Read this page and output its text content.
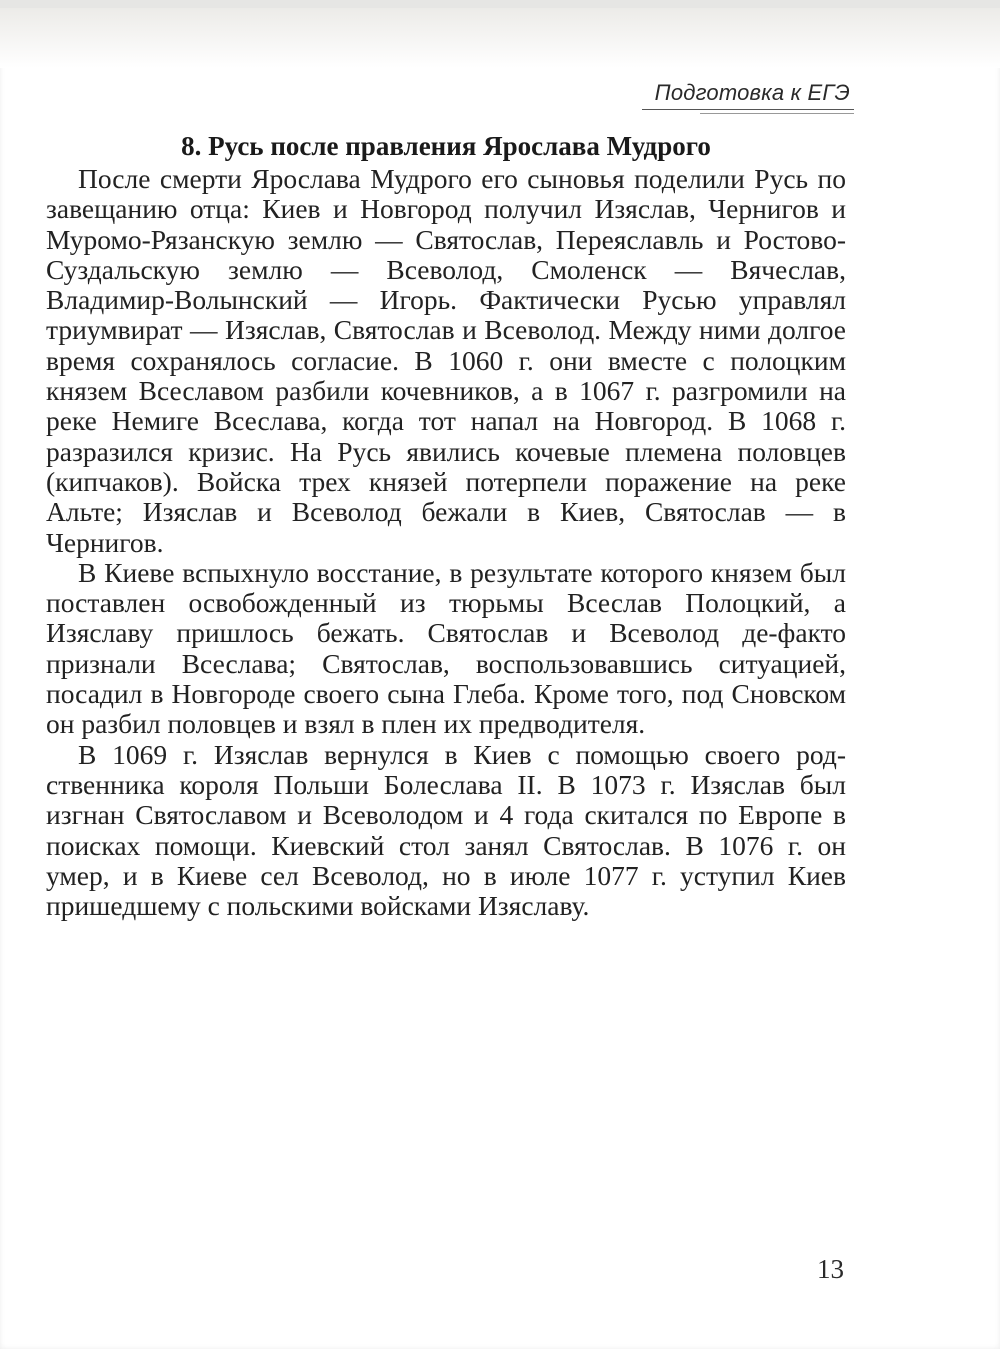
Подготовка к ЕГЭ
8. Русь после правления Ярослава Мудрого

После смерти Ярослава Мудрого его сыновья поделили Русь по завещанию отца: Киев и Новгород получил Изяслав, Чернигов и Муромо-Рязанскую землю — Святослав, Переяславль и Ростово-Суздальскую землю — Всеволод, Смоленск — Вячеслав, Владимир-Волынский — Игорь. Фактически Русью управлял триумвират — Изяслав, Святослав и Всеволод. Между ними долгое время сохранялось согласие. В 1060 г. они вместе с полоцким князем Всеславом разбили кочевников, а в 1067 г. разгромили на реке Немиге Всеслава, когда тот напал на Новгород. В 1068 г. разразился кризис. На Русь явились кочевые племена половцев (кипчаков). Войска трех князей потерпели поражение на реке Альте; Изяслав и Всеволод бежали в Киев, Святослав — в Чернигов.

В Киеве вспыхнуло восстание, в результате которого князем был поставлен освобожденный из тюрьмы Всеслав Полоцкий, а Изяславу пришлось бежать. Святослав и Всеволод де-факто признали Всеслава; Святослав, воспользовавшись ситуацией, посадил в Новгороде своего сына Глеба. Кроме того, под Сновском он разбил половцев и взял в плен их предводителя.

В 1069 г. Изяслав вернулся в Киев с помощью своего родственника короля Польши Болеслава II. В 1073 г. Изяслав был изгнан Святославом и Всеволодом и 4 года скитался по Европе в поисках помощи. Киевский стол занял Святослав. В 1076 г. он умер, и в Киеве сел Всеволод, но в июле 1077 г. уступил Киев пришедшему с польскими войсками Изяславу.

13
